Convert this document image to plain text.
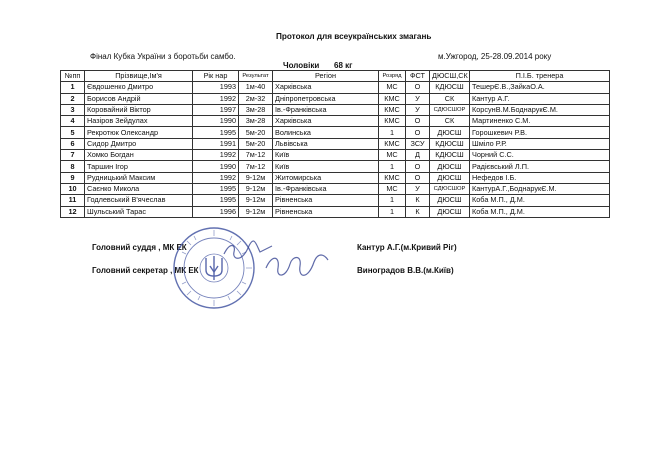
Протокол для всеукраїнських змагань
Фінал Кубка України з боротьби самбо.	м.Ужгород, 25-28.09.2014 року
Чоловіки 68 кг
№пп	Прізвище,Ім'я	Рік нар	Результат	Регіон	Розряд	ФСТ	ДЮСШ,СК	П.І.Б. тренера
1	Євдошенко Дмитро	1993	1м-40	Харківська	МС	О	КДЮСШ	ТешерЄ.В.,ЗайкаО.А.
2	Борисов Андрій	1992	2м-32	Дніпропетровська	КМС	У	СК	Кантур А.Г.
3	Коровайний Віктор	1997	3м-28	Ів.-Франківська	КМС	У	СДЮСШОР	КорсунВ.М.БоднарукЄ.М.
4	Назіров Зейдулах	1990	3м-28	Харківська	КМС	О	СК	Мартиненко С.М.
5	Рекротюк Олександр	1995	5м-20	Волинська	1	О	ДЮСШ	Горошкевич Р.В.
6	Сидор Дмитро	1991	5м-20	Львівська	КМС	ЗСУ	КДЮСШ	Шміло Р.Р.
7	Хомко Богдан	1992	7м-12	Київ	МС	Д	КДЮСШ	Чорний С.С.
8	Таршин Ігор	1990	7м-12	Київ	1	О	ДЮСШ	Радієвський Л.П.
9	Рудницький Максим	1992	9-12м	Житомирська	КМС	О	ДЮСШ	Нефедов І.Б.
10	Саєнко Микола	1995	9-12м	Ів.-Франківська	МС	У	СДЮСШОР	КантурА.Г.,БоднарукЄ.М.
11	Годлевський В'ячеслав	1995	9-12м	Рівненська	1	К	ДЮСШ	Коба М.П., Д.М.
12	Шульський Тарас	1996	9-12м	Рівненська	1	К	ДЮСШ	Коба М.П., Д.М.
Головний суддя , МК ЕК	Кантур А.Г.(м.Кривий Ріг)
Головний секретар , МК ЕК	Виноградов В.В.(м.Київ)
